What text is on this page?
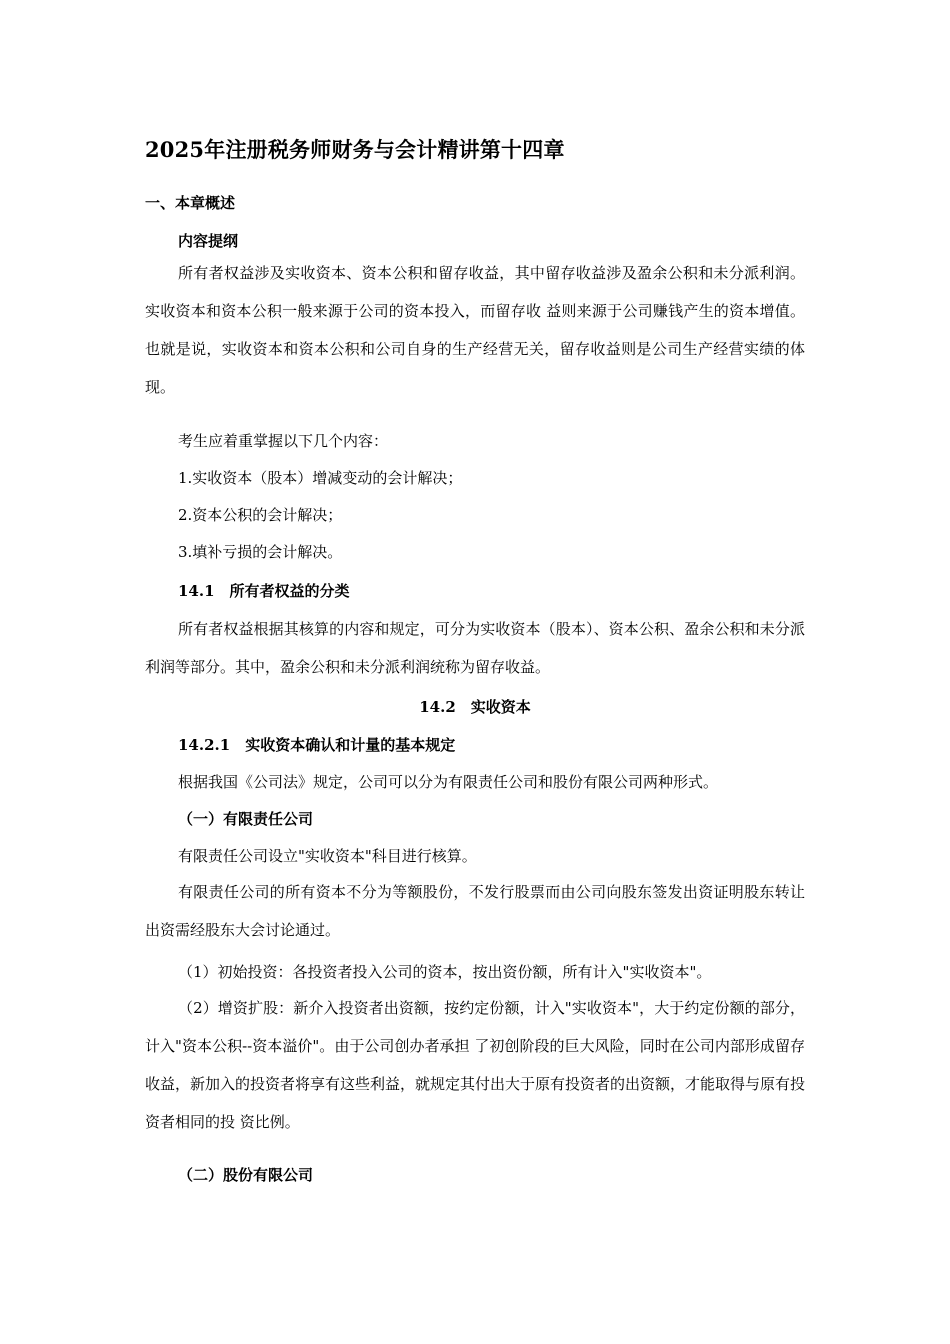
2025年注册税务师财务与会计精讲第十四章
一、本章概述
内容提纲
所有者权益涉及实收资本、资本公积和留存收益，其中留存收益涉及盈余公积和未分派利润。实收资本和资本公积一般来源于公司的资本投入，而留存收 益则来源于公司赚钱产生的资本增值。也就是说，实收资本和资本公积和公司自身的生产经营无关，留存收益则是公司生产经营实绩的体现。
考生应着重掌握以下几个内容：
1.实收资本（股本）增减变动的会计解决；
2.资本公积的会计解决；
3.填补亏损的会计解决。
14.1　所有者权益的分类
所有者权益根据其核算的内容和规定，可分为实收资本（股本）、资本公积、盈余公积和未分派利润等部分。其中，盈余公积和未分派利润统称为留存收益。
14.2　实收资本
14.2.1　实收资本确认和计量的基本规定
根据我国《公司法》规定，公司可以分为有限责任公司和股份有限公司两种形式。
（一）有限责任公司
有限责任公司设立"实收资本"科目进行核算。
有限责任公司的所有资本不分为等额股份，不发行股票而由公司向股东签发出资证明股东转让出资需经股东大会讨论通过。
（1）初始投资：各投资者投入公司的资本，按出资份额，所有计入"实收资本"。
（2）增资扩股：新介入投资者出资额，按约定份额，计入"实收资本"，大于约定份额的部分，计入"资本公积--资本溢价"。由于公司创办者承担 了初创阶段的巨大风险，同时在公司内部形成留存收益，新加入的投资者将享有这些利益，就规定其付出大于原有投资者的出资额，才能取得与原有投资者相同的投 资比例。
（二）股份有限公司
